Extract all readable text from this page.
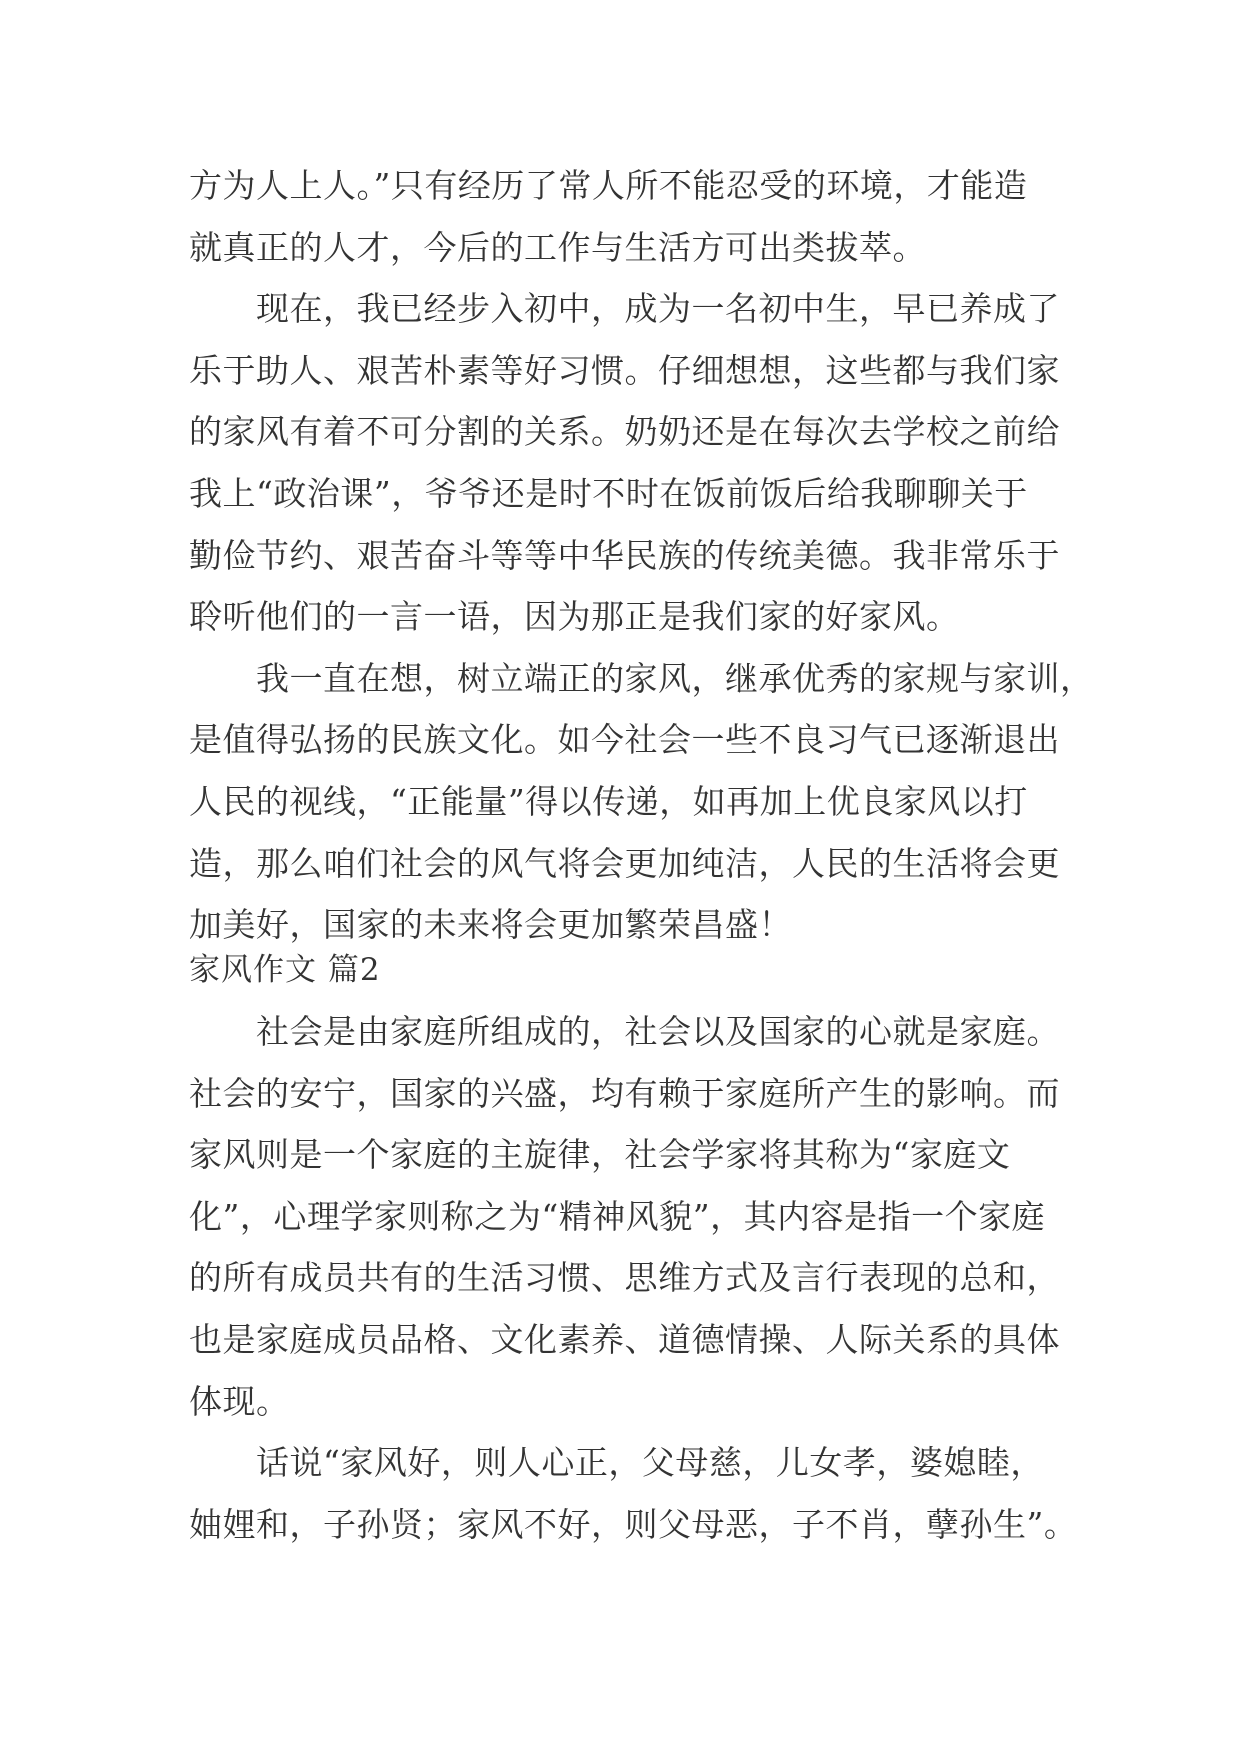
方为人上人。”只有经历了常人所不能忍受的环境，才能造
就真正的人才，今后的工作与生活方可出类拔萃。
　　现在，我已经步入初中，成为一名初中生，早已养成了
乐于助人、艰苦朴素等好习惯。仔细想想，这些都与我们家
的家风有着不可分割的关系。奶奶还是在每次去学校之前给
我上“政治课”，爷爷还是时不时在饭前饭后给我聊聊关于
勤俭节约、艰苦奋斗等等中华民族的传统美德。我非常乐于
聆听他们的一言一语，因为那正是我们家的好家风。
　　我一直在想，树立端正的家风，继承优秀的家规与家训，
是值得弘扬的民族文化。如今社会一些不良习气已逐渐退出
人民的视线，“正能量”得以传递，如再加上优良家风以打
造，那么咱们社会的风气将会更加纯洁，人民的生活将会更
加美好，国家的未来将会更加繁荣昌盛！
家风作文 篇2
　　社会是由家庭所组成的，社会以及国家的心就是家庭。
社会的安宁，国家的兴盛，均有赖于家庭所产生的影响。而
家风则是一个家庭的主旋律，社会学家将其称为“家庭文
化”，心理学家则称之为“精神风貌”，其内容是指一个家庭
的所有成员共有的生活习惯、思维方式及言行表现的总和，
也是家庭成员品格、文化素养、道德情操、人际关系的具体
体现。
　　话说“家风好，则人心正，父母慈，儿女孝，婆媳睦，
妯娌和，子孙贤；家风不好，则父母恶，子不肖，孽孙生”。
